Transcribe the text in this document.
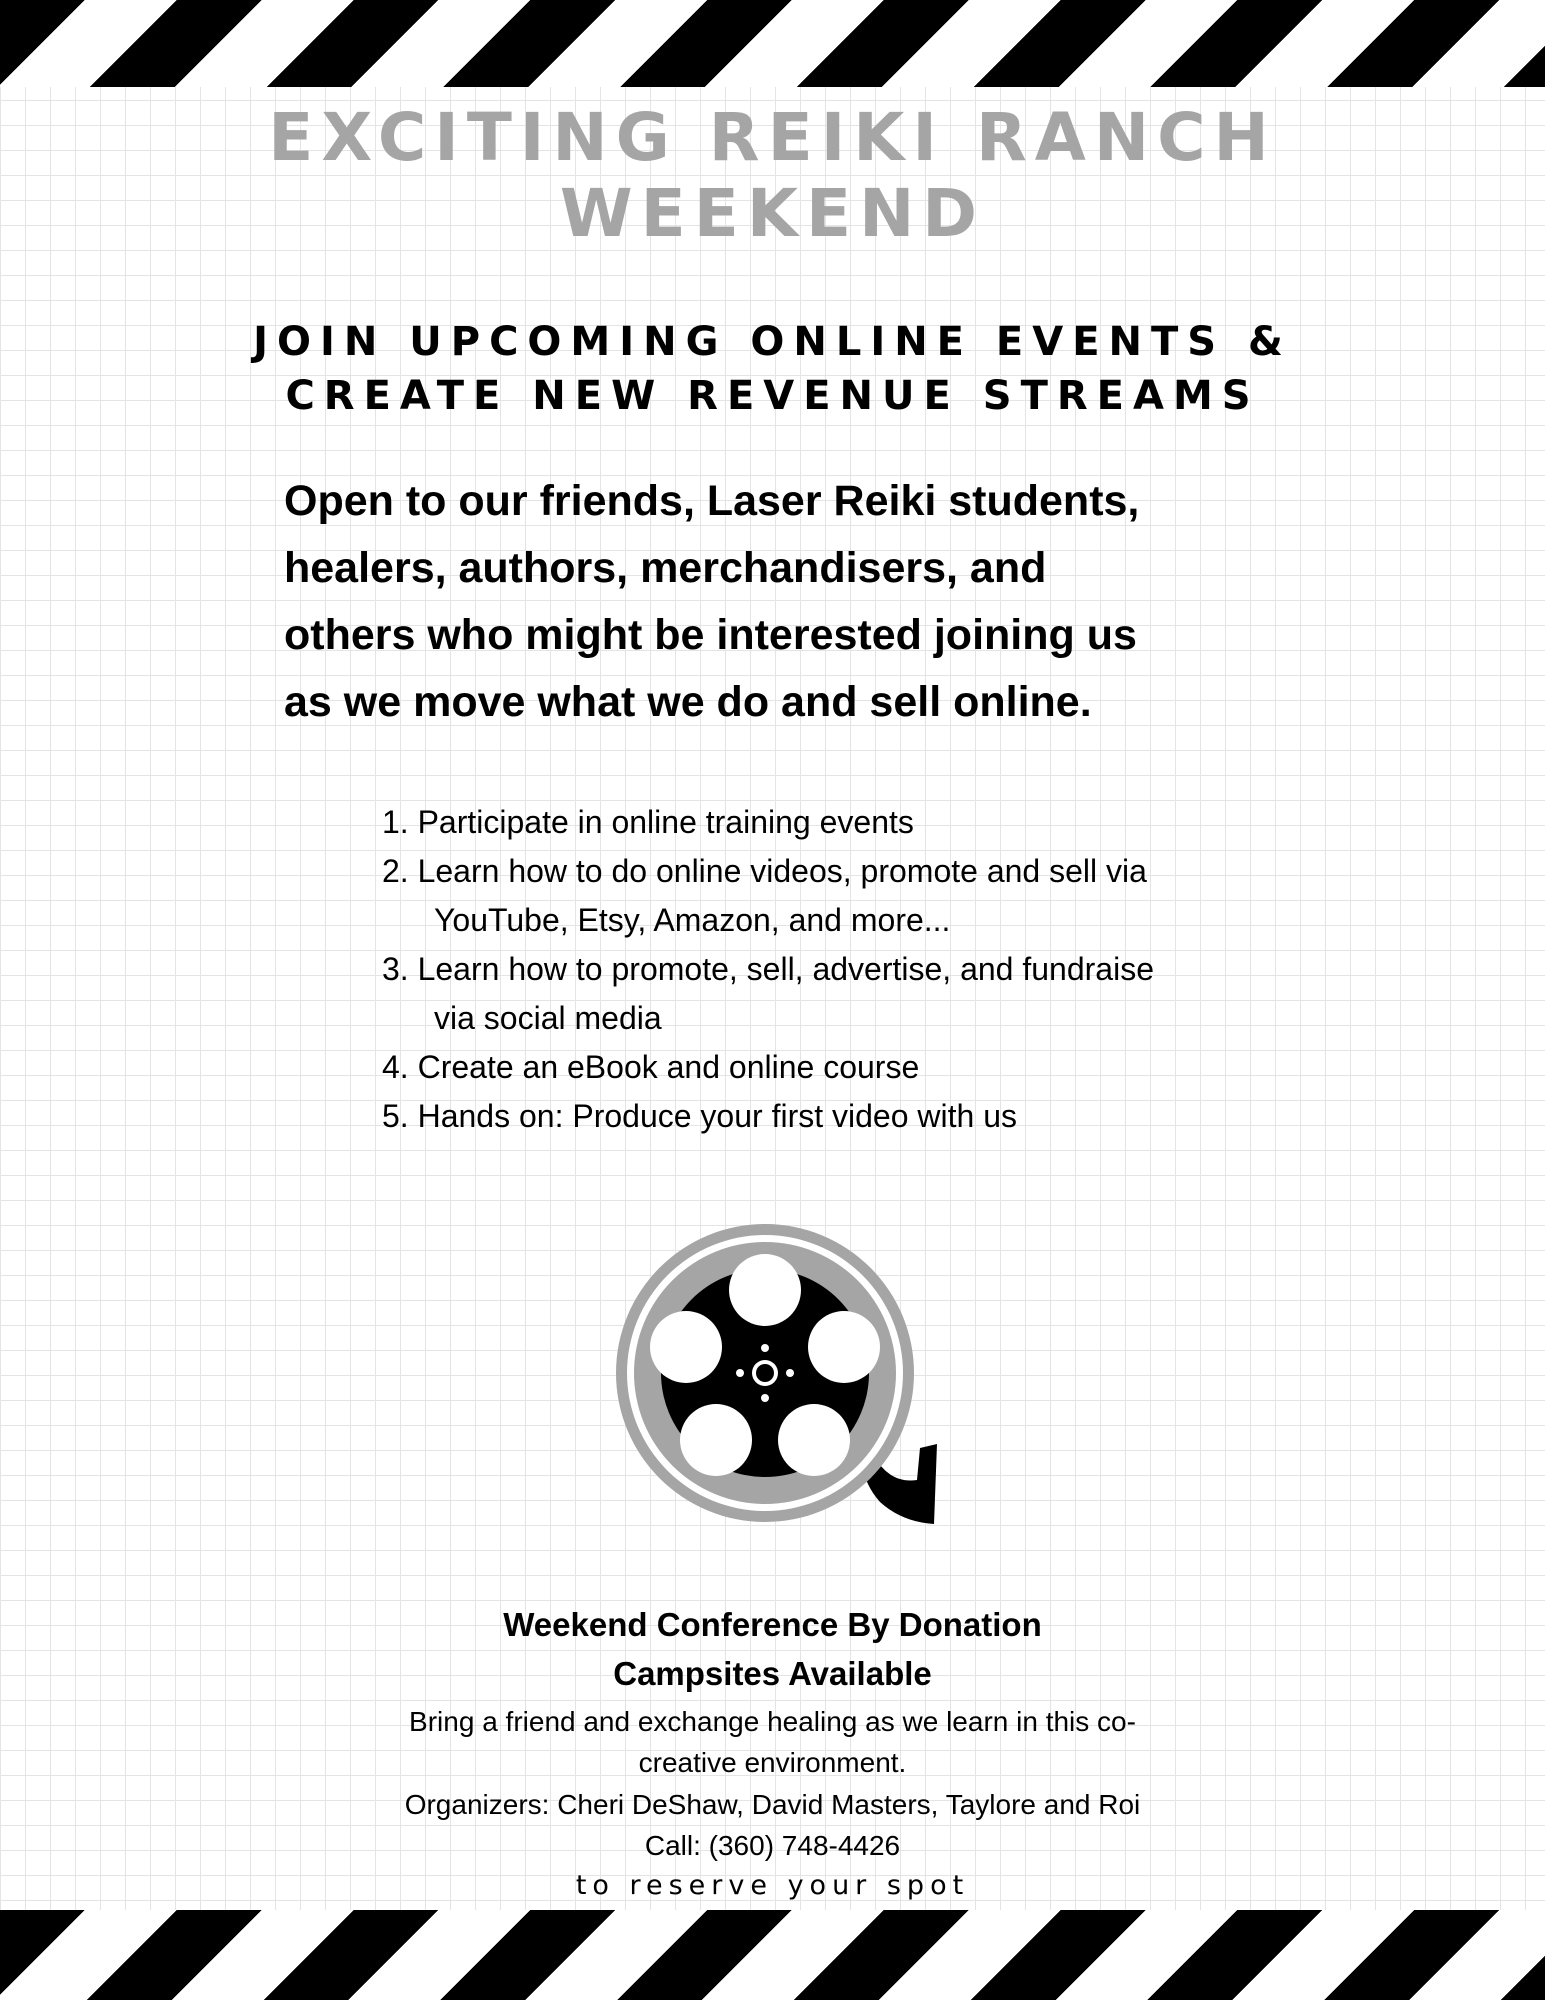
EXCITING REIKI RANCH
WEEKEND
JOIN UPCOMING ONLINE EVENTS &
CREATE NEW REVENUE STREAMS

Open to our friends, Laser Reiki students,
healers, authors, merchandisers, and
others who might be interested joining us
as we move what we do and sell online.

1. Participate in online training events
2. Learn how to do online videos, promote and sell via
YouTube, Etsy, Amazon, and more...
3. Learn how to promote, sell, advertise, and fundraise
via social media
4. Create an eBook and online course
5. Hands on: Produce your first video with us

Weekend Conference By Donation

Campsites Available

Bring a friend and exchange healing as we learn in this co-

creative environment.

Organizers: Cheri DeShaw, David Masters, Taylore and Roi

Call: (360) 748-4426

to reserve your spot
